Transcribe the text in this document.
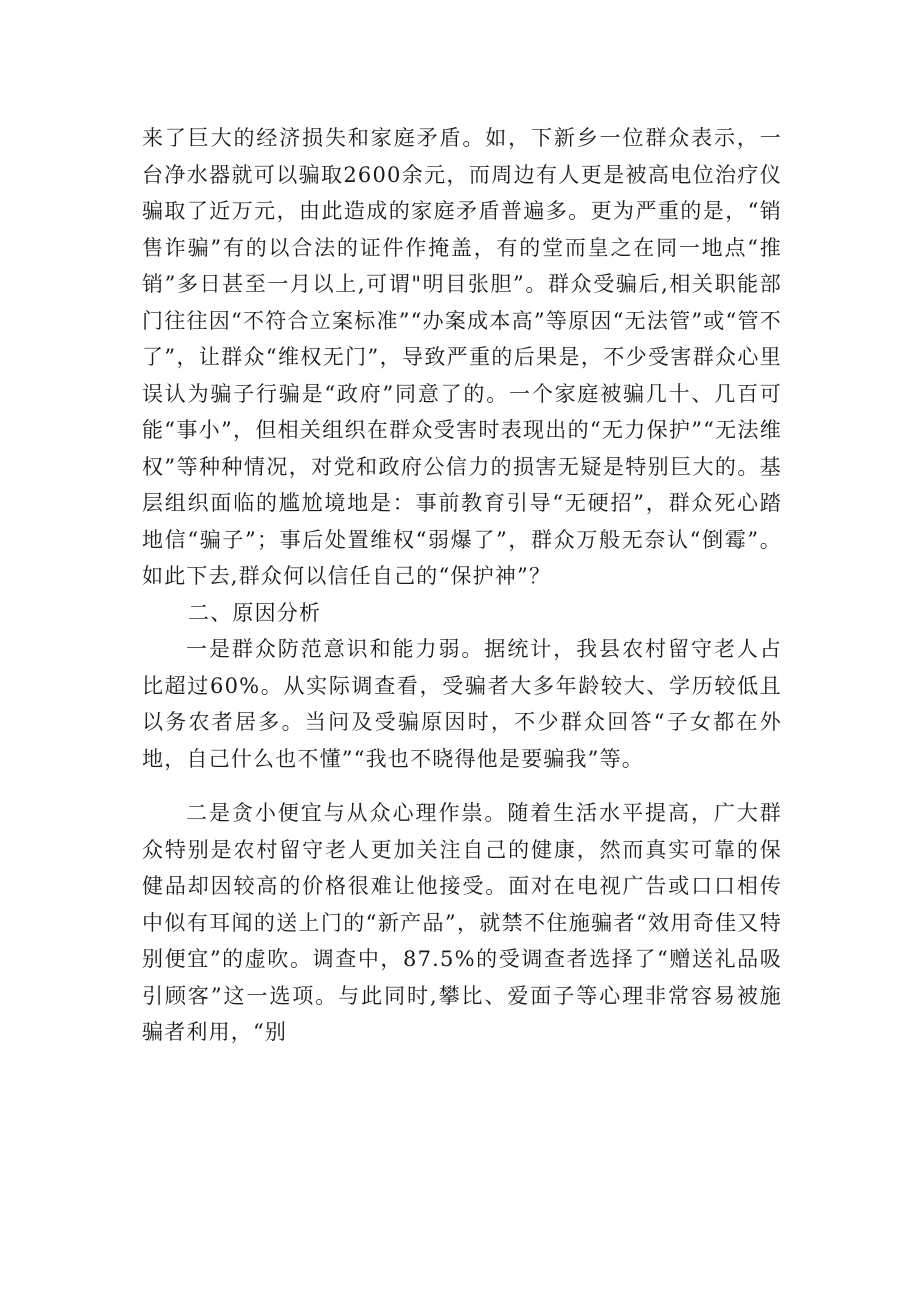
来了巨大的经济损失和家庭矛盾。如，下新乡一位群众表示，一台净水器就可以骗取2600余元，而周边有人更是被高电位治疗仪骗取了近万元，由此造成的家庭矛盾普遍多。更为严重的是，“销售诈骗”有的以合法的证件作掩盖，有的堂而皇之在同一地点“推销”多日甚至一月以上,可谓"明目张胆”。群众受骗后,相关职能部门往往因“不符合立案标准”“办案成本高”等原因“无法管”或“管不了”，让群众“维权无门”，导致严重的后果是，不少受害群众心里误认为骗子行骗是“政府”同意了的。一个家庭被骗几十、几百可能“事小”，但相关组织在群众受害时表现出的“无力保护”“无法维权”等种种情况，对党和政府公信力的损害无疑是特别巨大的。基层组织面临的尴尬境地是：事前教育引导“无硬招”，群众死心踏地信“骗子”；事后处置维权“弱爆了”，群众万般无奈认“倒霉”。如此下去,群众何以信任自己的“保护神”？

二、原因分析

一是群众防范意识和能力弱。据统计，我县农村留守老人占比超过60%。从实际调查看，受骗者大多年龄较大、学历较低且以务农者居多。当问及受骗原因时，不少群众回答“子女都在外地，自己什么也不懂”“我也不晓得他是要骗我”等。

二是贪小便宜与从众心理作祟。随着生活水平提高，广大群众特别是农村留守老人更加关注自己的健康，然而真实可靠的保健品却因较高的价格很难让他接受。面对在电视广告或口口相传中似有耳闻的送上门的“新产品”，就禁不住施骗者“效用奇佳又特别便宜”的虚吹。调查中，87.5%的受调查者选择了“赠送礼品吸引顾客”这一选项。与此同时,攀比、爱面子等心理非常容易被施骗者利用，“别
